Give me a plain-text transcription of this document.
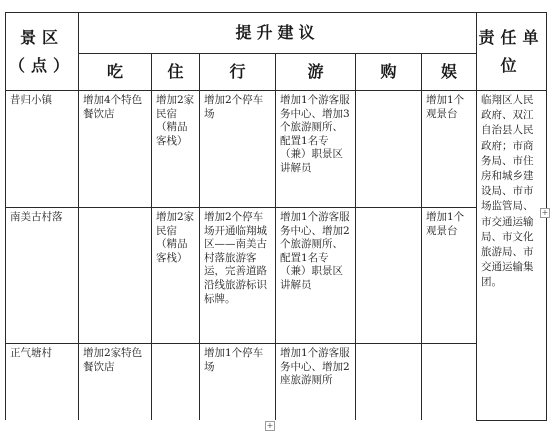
景区（点）	提升建议						责任单位
	吃	住	行	游	购	娱	
昔归小镇	增加4个特色餐饮店	增加2家民宿（精品客栈）	增加2个停车场	增加1个游客服务中心、增加3个旅游厕所、配置1名专（兼）职景区讲解员		增加1个观景台	临翔区人民政府、双江自治县人民政府；市商务局、市住房和城乡建设局、市市场监管局、市交通运输局、市文化旅游局、市交通运输集团。
南美古村落		增加2家民宿（精品客栈）	增加2个停车场开通临翔城区——南美古村落旅游客运，完善道路沿线旅游标识标牌。	增加1个游客服务中心、增加2个旅游厕所、配置1名专（兼）职景区讲解员		增加1个观景台	
正气塘村	增加2家特色餐饮店		增加1个停车场	增加1个游客服务中心、增加2座旅游厕所			
+
+
